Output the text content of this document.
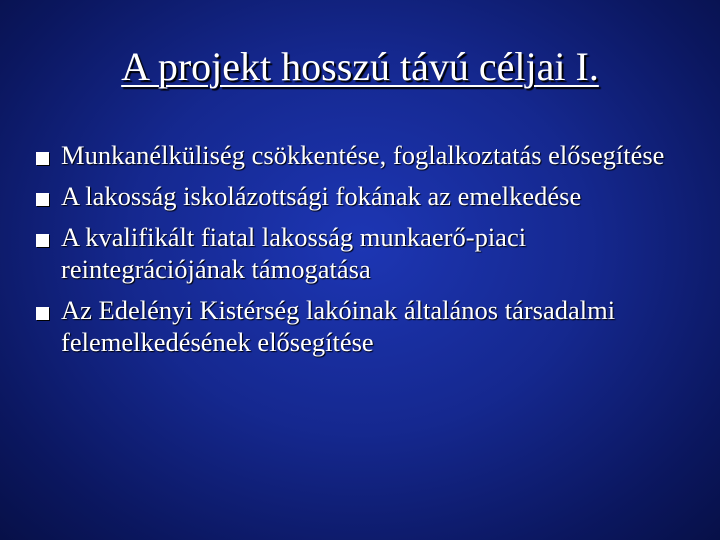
A projekt hosszú távú céljai I.
Munkanélküliség csökkentése, foglalkoztatás elősegítése
A lakosság iskolázottsági fokának az emelkedése
A kvalifikált fiatal lakosság munkaerő-piaci reintegrációjának támogatása
Az Edelényi Kistérség lakóinak általános társadalmi felemelkedésének elősegítése
